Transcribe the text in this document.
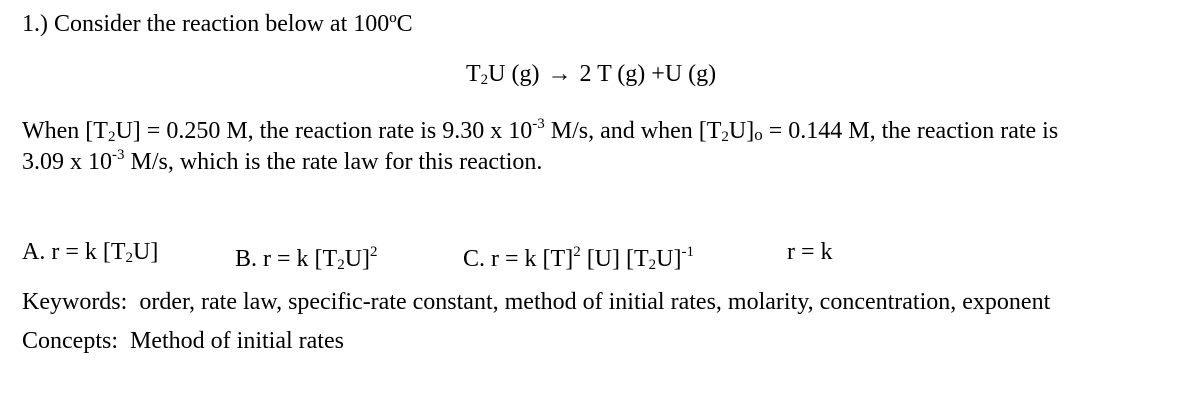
1.) Consider the reaction below at 100ºC
$T_2U$ (g) → 2 T (g) +U (g)
When $[T_2U] = 0.250$ M, the reaction rate is 9.30 x $10^{-3}$ M/s, and when $[T_2U]o = 0.144$ M, the reaction rate is
3.09 x $10^{-3}$ M/s, which is the rate law for this reaction.
A. r = k $[T_2U]$	B. r = k $[T_2U]^2$	C. r = k $[T]^2$ [U] $[T_2U]^{-1}$	r = k
Keywords: order, rate law, specific-rate constant, method of initial rates, molarity, concentration, exponent
Concepts: Method of initial rates
